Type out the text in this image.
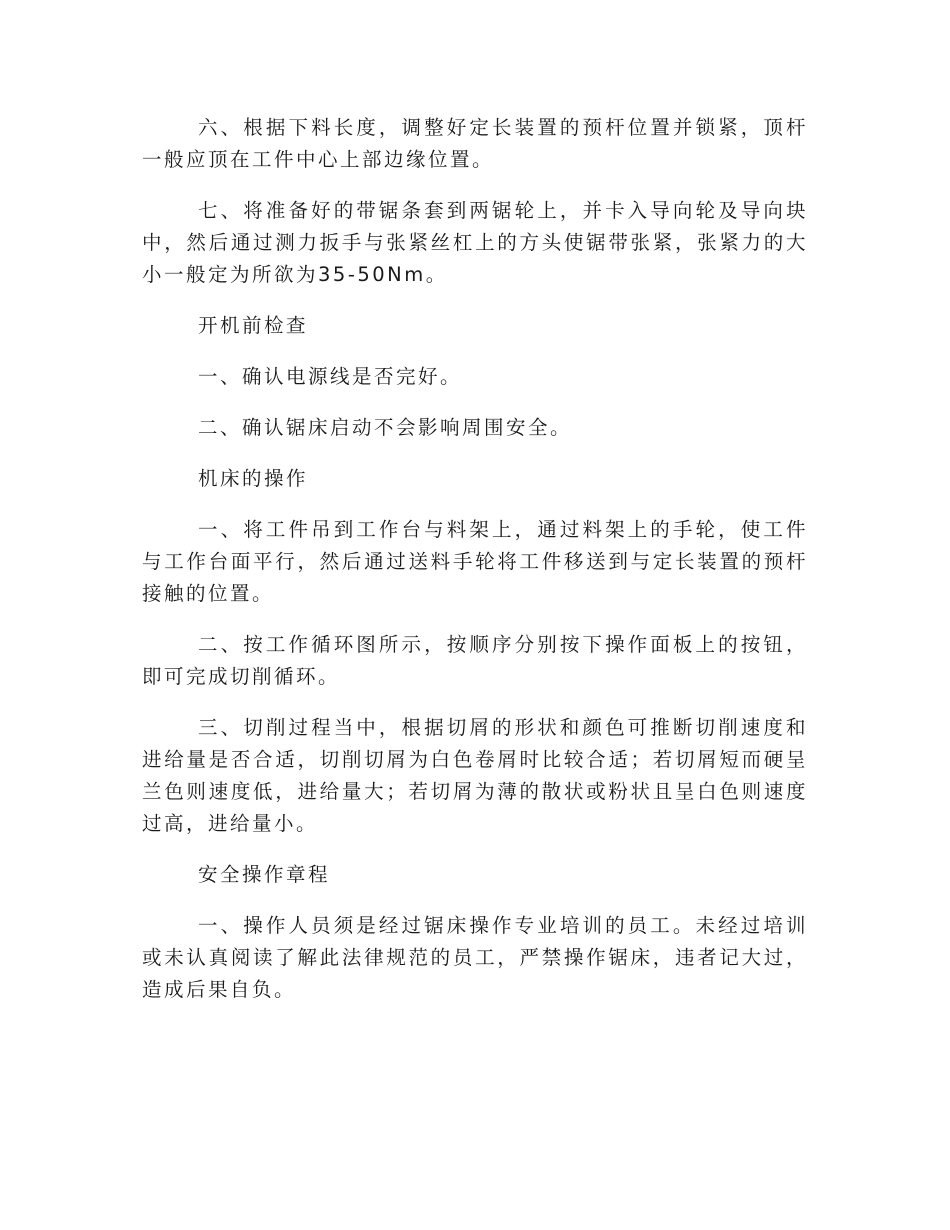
六、根据下料长度，调整好定长装置的预杆位置并锁紧，顶杆一般应顶在工件中心上部边缘位置。

七、将准备好的带锯条套到两锯轮上，并卡入导向轮及导向块中，然后通过测力扳手与张紧丝杠上的方头使锯带张紧，张紧力的大小一般定为所欲为35-50Nm。

开机前检查

一、确认电源线是否完好。

二、确认锯床启动不会影响周围安全。

机床的操作

一、将工件吊到工作台与料架上，通过料架上的手轮，使工件与工作台面平行，然后通过送料手轮将工件移送到与定长装置的预杆接触的位置。

二、按工作循环图所示，按顺序分别按下操作面板上的按钮，即可完成切削循环。

三、切削过程当中，根据切屑的形状和颜色可推断切削速度和进给量是否合适，切削切屑为白色卷屑时比较合适；若切屑短而硬呈兰色则速度低，进给量大；若切屑为薄的散状或粉状且呈白色则速度过高，进给量小。

安全操作章程

一、操作人员须是经过锯床操作专业培训的员工。未经过培训或未认真阅读了解此法律规范的员工，严禁操作锯床，违者记大过，造成后果自负。
